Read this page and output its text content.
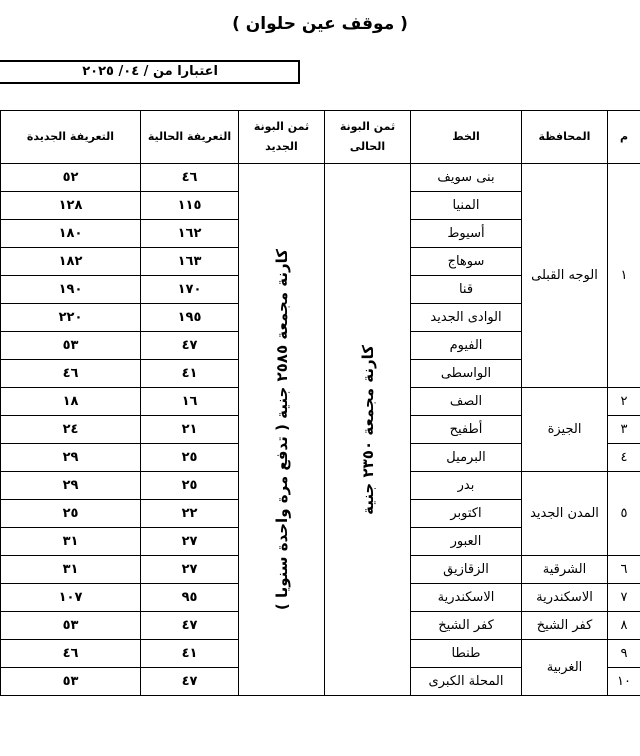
( موقف عين حلوان )
اعتبارا من / ٠٤/ ٢٠٢٥
م	المحافظة	الخط	ثمن البونة الحالى	ثمن البونة الجديد	التعريفة الحالية	التعريفة الجديدة
١	الوجه القبلى	بنى سويف	كارنة مجمعة ٢٣٥٠ جنية	كارنة مجمعة ٢٥٨٥ جنية ( تدفع مرة واحدة سنويا )	٤٦	٥٢
		المنيا			١١٥	١٢٨
		أسيوط			١٦٢	١٨٠
		سوهاج			١٦٣	١٨٢
		قنا			١٧٠	١٩٠
		الوادى الجديد			١٩٥	٢٢٠
		الفيوم			٤٧	٥٣
		الواسطى			٤١	٤٦
٢	الجيزة	الصف			١٦	١٨
٣		أطفيح			٢١	٢٤
٤		البرميل			٢٥	٢٩
٥	المدن الجديد	بدر			٢٥	٢٩
		اكتوبر			٢٢	٢٥
		العبور			٢٧	٣١
٦	الشرقية	الزقازيق			٢٧	٣١
٧	الاسكندرية	الاسكندرية			٩٥	١٠٧
٨	كفر الشيخ	كفر الشيخ			٤٧	٥٣
٩	الغربية	طنطا			٤١	٤٦
١٠		المحلة الكبرى			٤٧	٥٣
